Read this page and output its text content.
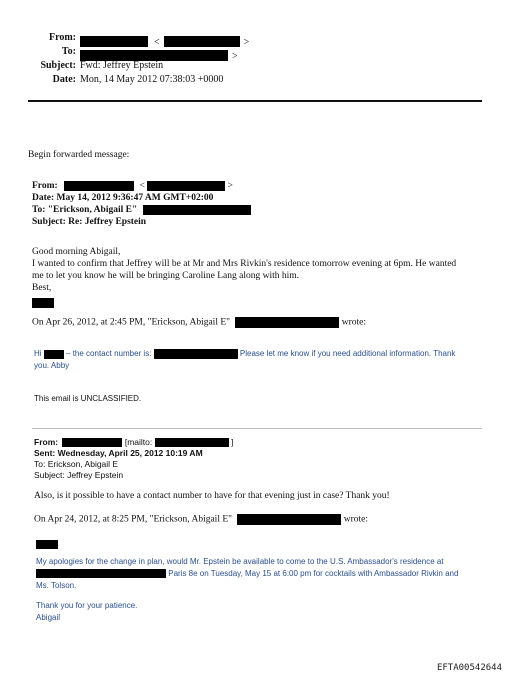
From:	<	>
To:	>
Subject: Fwd: Jeffrey Epstein
Date: Mon, 14 May 2012 07:38:03 +0000
Begin forwarded message:
From:	<	>
Date: May 14, 2012 9:36:47 AM GMT+02:00
To: "Erickson, Abigail E"
Subject: Re: Jeffrey Epstein
Good morning Abigail,
I wanted to confirm that Jeffrey will be at Mr and Mrs Rivkin's residence tomorrow evening at 6pm. He wanted
me to let you know he will be bringing Caroline Lang along with him.
Best,
On Apr 26, 2012, at 2:45 PM, "Erickson, Abigail E"	wrote:
Hi	– the contact number is:	Please let me know if you need additional information. Thank
you. Abby
This email is UNCLASSIFIED.
From:	[mailto:	]
Sent: Wednesday, April 25, 2012 10:19 AM
To: Erickson, Abigail E
Subject: Jeffrey Epstein
Also, is it possible to have a contact number to have for that evening just in case? Thank you!
On Apr 24, 2012, at 8:25 PM, "Erickson, Abigail E"	wrote:
My apologies for the change in plan, would Mr. Epstein be available to come to the U.S. Ambassador's residence at
Paris 8e on Tuesday, May 15 at 6:00 pm for cocktails with Ambassador Rivkin and
Ms. Tolson.
Thank you for your patience.
Abigail
EFTA00542644
